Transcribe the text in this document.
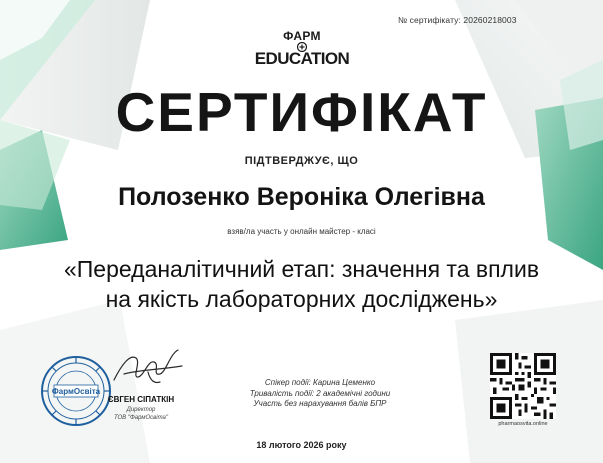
№ сертифікату: 20260218003
ФАРМ
EDUCATION
СЕРТИФІКАТ
ПІДТВЕРДЖУЄ, ЩО
Полозенко Вероніка Олегівна
взяв/ла участь у онлайн майстер - класі
«Переданалітичний етап: значення та вплив
на якість лабораторних досліджень»
ФармОсвіта
ЄВГЕН СІПАТКІН
Директор
ТОВ "ФармОсвіта"
Спікер події: Карина Цеменко
Тривалість події: 2 академічні години
Участь без нарахування балів БПР
pharmaosvita.online
18 лютого 2026 року
